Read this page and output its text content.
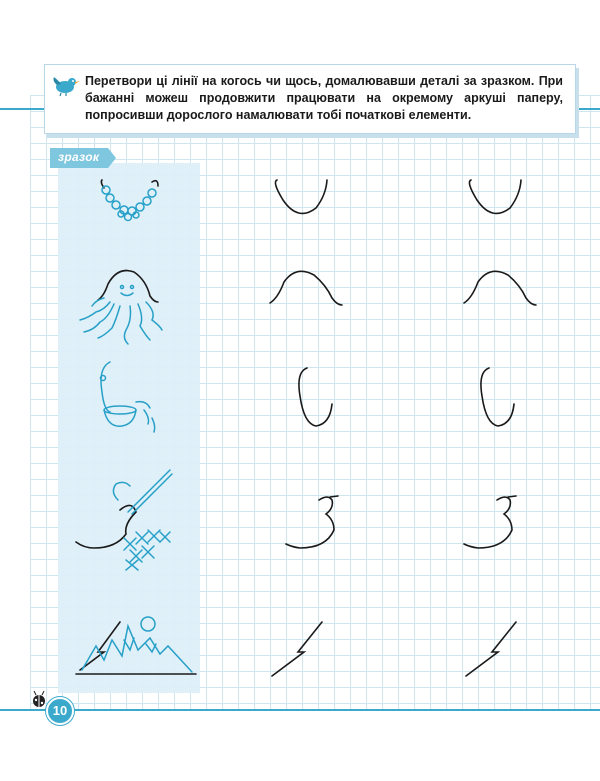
Перетвори ці лінії на когось чи щось, домалювавши деталі за зразком. При бажанні можеш продовжити працювати на окремому аркуші паперу, попросивши дорослого намалювати тобі початкові елементи.
зразок
10
